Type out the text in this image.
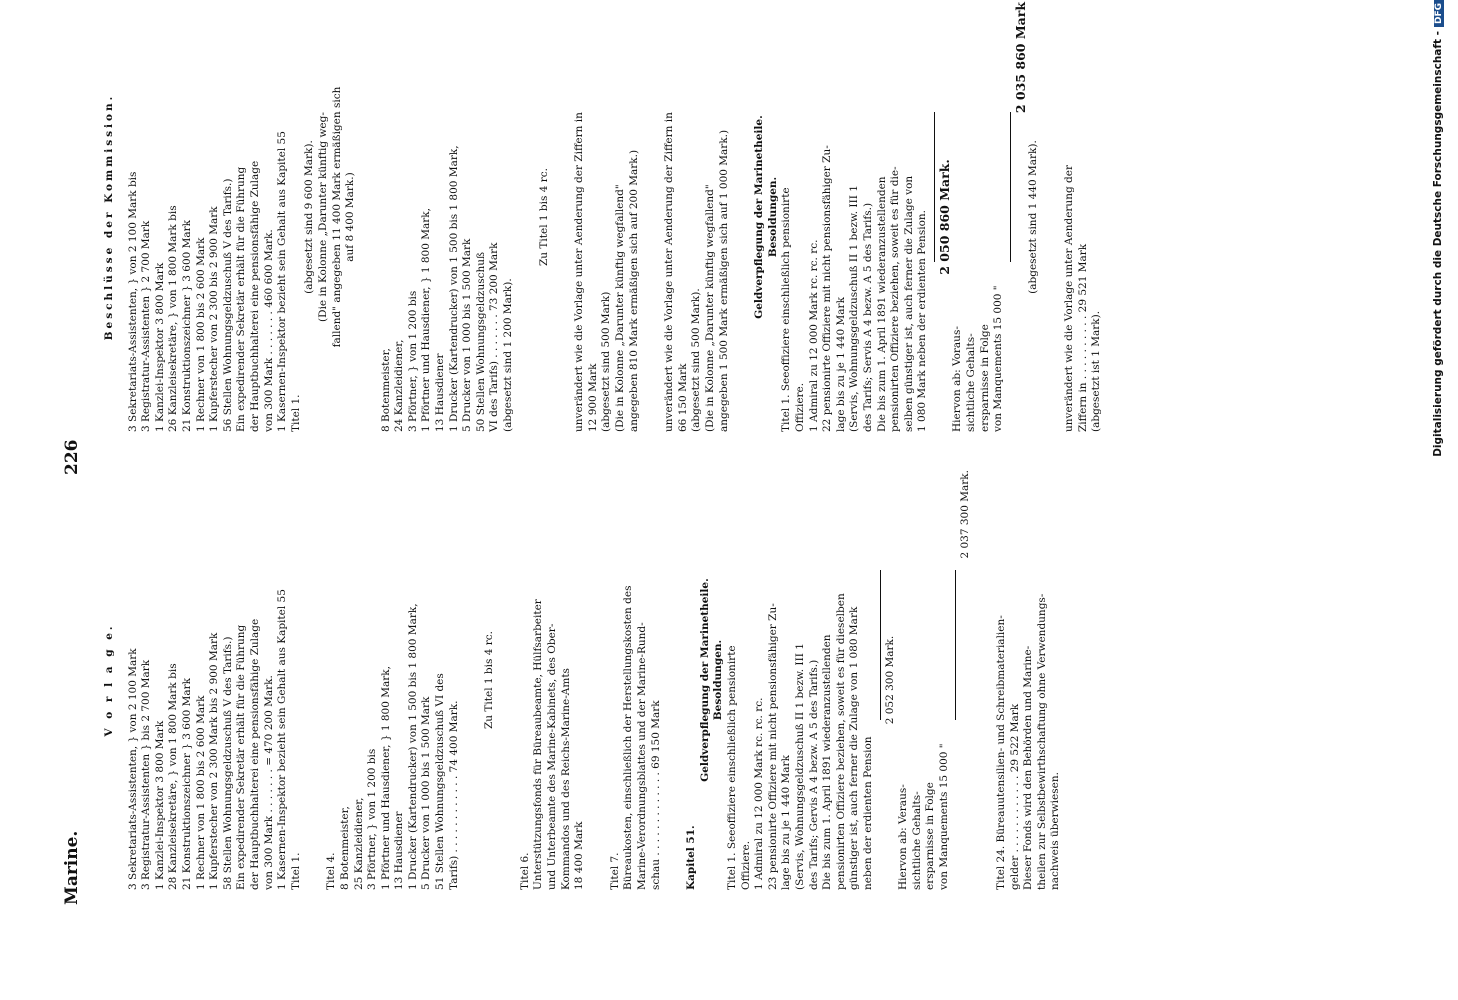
Marine.
226
V o r l a g e. 3 Sekretariats-Assistenten, } von 2 100 Mark 3 Registratur-Assistenten } bis 2 700 Mark 1 Kanzlei-Inspektor 3 800 Mark 28 Kanzleisekretäre, } von 1 800 Mark bis 21 Konstruktionszeichner } 3 600 Mark 1 Rechner von 1 800 bis 2 600 Mark 1 Kupferstecher von 2 300 Mark bis 2 900 Mark 58 Stellen Wohnungsgeldzuschuß V des Tarifs.) Ein expedirender Sekretär erhält für die Führung der Hauptbuchhalterei eine pensionsfähige Zulage von 300 Mark . . . . . . . = 470 200 Mark. 1 Kasernen-Inspektor bezieht sein Gehalt aus Kapitel 55 Titel 1. Titel 4. 8 Botenmeister, 25 Kanzleidiener, 3 Pförtner, } von 1 200 bis 1 Pförtner und Hausdiener, } 1 800 Mark, 13 Hausdiener 1 Drucker (Kartendrucker) von 1 500 bis 1 800 Mark, 5 Drucker von 1 000 bis 1 500 Mark 51 Stellen Wohnungsgeldzuschuß VI des Tarifs) . . . . . . . . . . . . 74 400 Mark.
Zu Titel 1 bis 4 rc.
Titel 6. Unterstützungsfonds für Büreaubeamte, Hülfsarbeiter und Unterbeamte des Marine-Kabinets, des Ober- Kommandos und des Reichs-Marine-Amts 18 400 Mark Titel 7. Büreaukosten, einschließlich der Herstellungskosten des Marine-Verordnungsblattes und der Marine-Rund- schau . . . . . . . . . . . . . 69 150 Mark Kapitel 51.
Geldverpflegung der Marinetheile. Besoldungen. Titel 1. Seeoffiziere einschließlich pensionirte Offiziere. 1 Admiral zu 12 000 Mark rc. rc. rc. 23 pensionirte Offiziere mit nicht pensionsfähiger Zu- lage bis zu je 1 440 Mark (Servis, Wohnungsgeldzuschuß II 1 bezw. III 1 des Tarifs; Gervis A 4 bezw. A 5 des Tarifs.) Die bis zum 1. April 1891 wiederanzustellenden pensionirten Offiziere beziehen, soweit es für dieselben günstiger ist, auch ferner die Zulage von 1 080 Mark neben der erdienten Pension
2 052 300 Mark.
Hiervon ab: Veraus- sichtliche Gehalts- ersparnisse in Folge von Manquements 15 000 "
2 037 300 Mark.
Titel 24. Büreauutensilien- und Schreibmaterialien- gelder . . . . . . . . . . . . 29 522 Mark Dieser Fonds wird den Behörden und Marine- theilen zur Selbstbewirthschaftung ohne Verwendungs- nachweis überwiesen.
Beschlüsse der Kommission. 3 Sekretariats-Assistenten, } von 2 100 Mark bis 3 Registratur-Assistenten } 2 700 Mark 1 Kanzlei-Inspektor 3 800 Mark 26 Kanzleisekretäre, } von 1 800 Mark bis 21 Konstruktionszeichner } 3 600 Mark 1 Rechner von 1 800 bis 2 600 Mark 1 Kupferstecher von 2 300 bis 2 900 Mark 56 Stellen Wohnungsgeldzuschuß V des Tarifs.) Ein expedirender Sekretär erhält für die Führung der Hauptbuchhalterei eine pensionsfähige Zulage von 300 Mark . . . . . . . 460 600 Mark. 1 Kasernen-Inspektor bezieht sein Gehalt aus Kapitel 55 Titel 1.
(abgesetzt sind 9 600 Mark). (Die in Kolonne „Darunter künftig weg- fallend" angegeben 11 400 Mark ermäßigen sich auf 8 400 Mark.)
8 Botenmeister, 24 Kanzleidiener, 3 Pförtner, } von 1 200 bis 1 Pförtner und Hausdiener, } 1 800 Mark, 13 Hausdiener 1 Drucker (Kartendrucker) von 1 500 bis 1 800 Mark, 5 Drucker von 1 000 bis 1 500 Mark 50 Stellen Wohnungsgeldzuschuß VI des Tarifs) . . . . . . . 73 200 Mark (abgesetzt sind 1 200 Mark).
Zu Titel 1 bis 4 rc. unverändert wie die Vorlage unter Aenderung der Ziffern in 12 900 Mark (abgesetzt sind 500 Mark) (Die in Kolonne „Darunter künftig wegfallend" angegeben 810 Mark ermäßigen sich auf 200 Mark.) unverändert wie die Vorlage unter Aenderung der Ziffern in 66 150 Mark (abgesetzt sind 500 Mark). (Die in Kolonne „Darunter künftig wegfallend" angegeben 1 500 Mark ermäßigen sich auf 1 000 Mark.) Geldverpflegung der Marinetheile. Besoldungen. Titel 1. Seeoffiziere einschließlich pensionirte Offiziere. 1 Admiral zu 12 000 Mark rc. rc. rc. 22 pensionirte Offiziere mit nicht pensionsfähiger Zu- lage bis zu je 1 440 Mark (Servis, Wohnungsgeldzuschuß II 1 bezw. III 1 des Tarifs; Servis A 4 bezw. A 5 des Tarifs.) Die bis zum 1. April 1891 wiederanzustellenden pensionirten Offiziere beziehen, soweit es für die- selben günstiger ist, auch ferner die Zulage von 1 080 Mark neben der erdienten Pension. 2 050 860 Mark.
Hiervon ab: Voraus- sichtliche Gehalts- ersparnisse in Folge von Manquements 15 000 "
2 035 860 Mark
(abgesetzt sind 1 440 Mark). unverändert wie die Vorlage unter Aenderung der Ziffern in . . . . . . . . . . 29 521 Mark (abgesetzt ist 1 Mark).	Digitalisierung gefördert durch die Deutsche Forschungsgemeinschaft -DFG
